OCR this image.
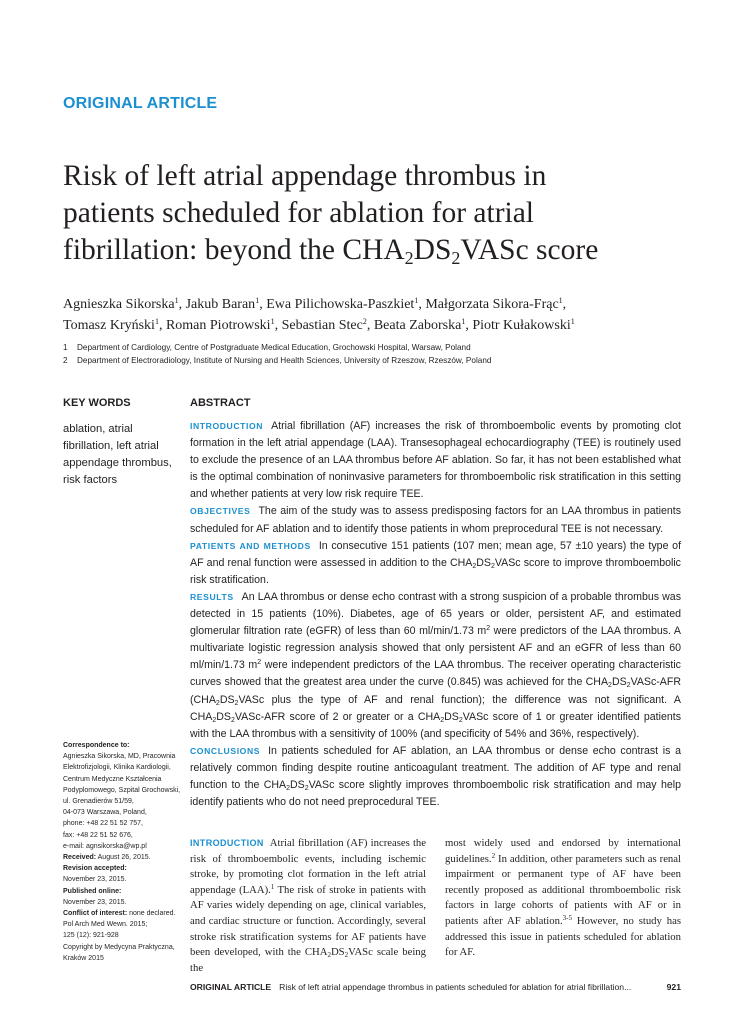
ORIGINAL ARTICLE
Risk of left atrial appendage thrombus in
patients scheduled for ablation for atrial
fibrillation: beyond the $CHA_2DS_2VASc$ score
Agnieszka Sikorska$^1$, Jakub Baran$^1$, Ewa Pilichowska-Paszkiet$^1$, Małgorzata Sikora-Frąc$^1$,
Tomasz Kryński$^1$, Roman Piotrowski$^1$, Sebastian Stec$^2$, Beata Zaborska$^1$, Piotr Kułakowski$^1$
1 Department of Cardiology, Centre of Postgraduate Medical Education, Grochowski Hospital, Warsaw, Poland
2 Department of Electroradiology, Institute of Nursing and Health Sciences, University of Rzeszow, Rzeszów, Poland
KEY WORDS
ablation, atrial fibrillation, left atrial appendage thrombus, risk factors
ABSTRACT

INTRODUCTION Atrial fibrillation (AF) increases the risk of thromboembolic events by promoting clot formation in the left atrial appendage (LAA). Transesophageal echocardiography (TEE) is routinely used to exclude the presence of an LAA thrombus before AF ablation. So far, it has not been established what is the optimal combination of noninvasive parameters for thromboembolic risk stratification in this setting and whether patients at very low risk require TEE.

OBJECTIVES The aim of the study was to assess predisposing factors for an LAA thrombus in patients scheduled for AF ablation and to identify those patients in whom preprocedural TEE is not necessary.

PATIENTS AND METHODS In consecutive 151 patients (107 men; mean age, 57 ±10 years) the type of AF and renal function were assessed in addition to the $CHA_2DS_2VASc$ score to improve thromboembolic risk stratification.

RESULTS An LAA thrombus or dense echo contrast with a strong suspicion of a probable thrombus was detected in 15 patients (10%). Diabetes, age of 65 years or older, persistent AF, and estimated glomerular filtration rate (eGFR) of less than 60 ml/min/1.73 $m^2$ were predictors of the LAA thrombus. A multivariate logistic regression analysis showed that only persistent AF and an eGFR of less than 60 ml/min/1.73 $m^2$ were independent predictors of the LAA thrombus. The receiver operating characteristic curves showed that the greatest area under the curve (0.845) was achieved for the $CHA_2DS_2VASc$-AFR ($CHA_2DS_2VASc$ plus the type of AF and renal function); the difference was not significant. A $CHA_2DS_2VASc$-AFR score of 2 or greater or a $CHA_2DS_2VASc$ score of 1 or greater identified patients with the LAA thrombus with a sensitivity of 100% (and specificity of 54% and 36%, respectively).

CONCLUSIONS In patients scheduled for AF ablation, an LAA thrombus or dense echo contrast is a relatively common finding despite routine anticoagulant treatment. The addition of AF type and renal function to the $CHA_2DS_2VASc$ score slightly improves thromboembolic risk stratification and may help identify patients who do not need preprocedural TEE.

Correspondence to:

Agnieszka Sikorska, MD, Pracownia

Elektrofizjologii, Klinika Kardiologii,

Centrum Medyczne Kształcenia

Podyplomowego, Szpital Grochowski,

ul. Grenadierów 51/59,

04-073 Warszawa, Poland,

phone: +48 22 51 52 757,

fax: +48 22 51 52 676,

e-mail: agnsikorska@wp.pl

Received: August 26, 2015.

Revision accepted:

November 23, 2015.

Published online:

November 23, 2015.

Conflict of interest: none declared.

Pol Arch Med Wewn. 2015;

125 (12): 921-928

Copyright by Medycyna Praktyczna,

Kraków 2015

INTRODUCTION Atrial fibrillation (AF) increases the risk of thromboembolic events, including ischemic stroke, by promoting clot formation in the left atrial appendage (LAA).$^1$ The risk of stroke in patients with AF varies widely depending on age, clinical variables, and cardiac structure or function. Accordingly, several stroke risk stratification systems for AF patients have been developed, with the $CHA_2DS_2VASc$ scale being the

most widely used and endorsed by international guidelines.$^2$ In addition, other parameters such as renal impairment or permanent type of AF have been recently proposed as additional thromboembolic risk factors in large cohorts of patients with AF or in patients after AF ablation.$^{3-5}$ However, no study has addressed this issue in patients scheduled for ablation for AF.

ORIGINAL ARTICLE Risk of left atrial appendage thrombus in patients scheduled for ablation for atrial fibrillation...	921
